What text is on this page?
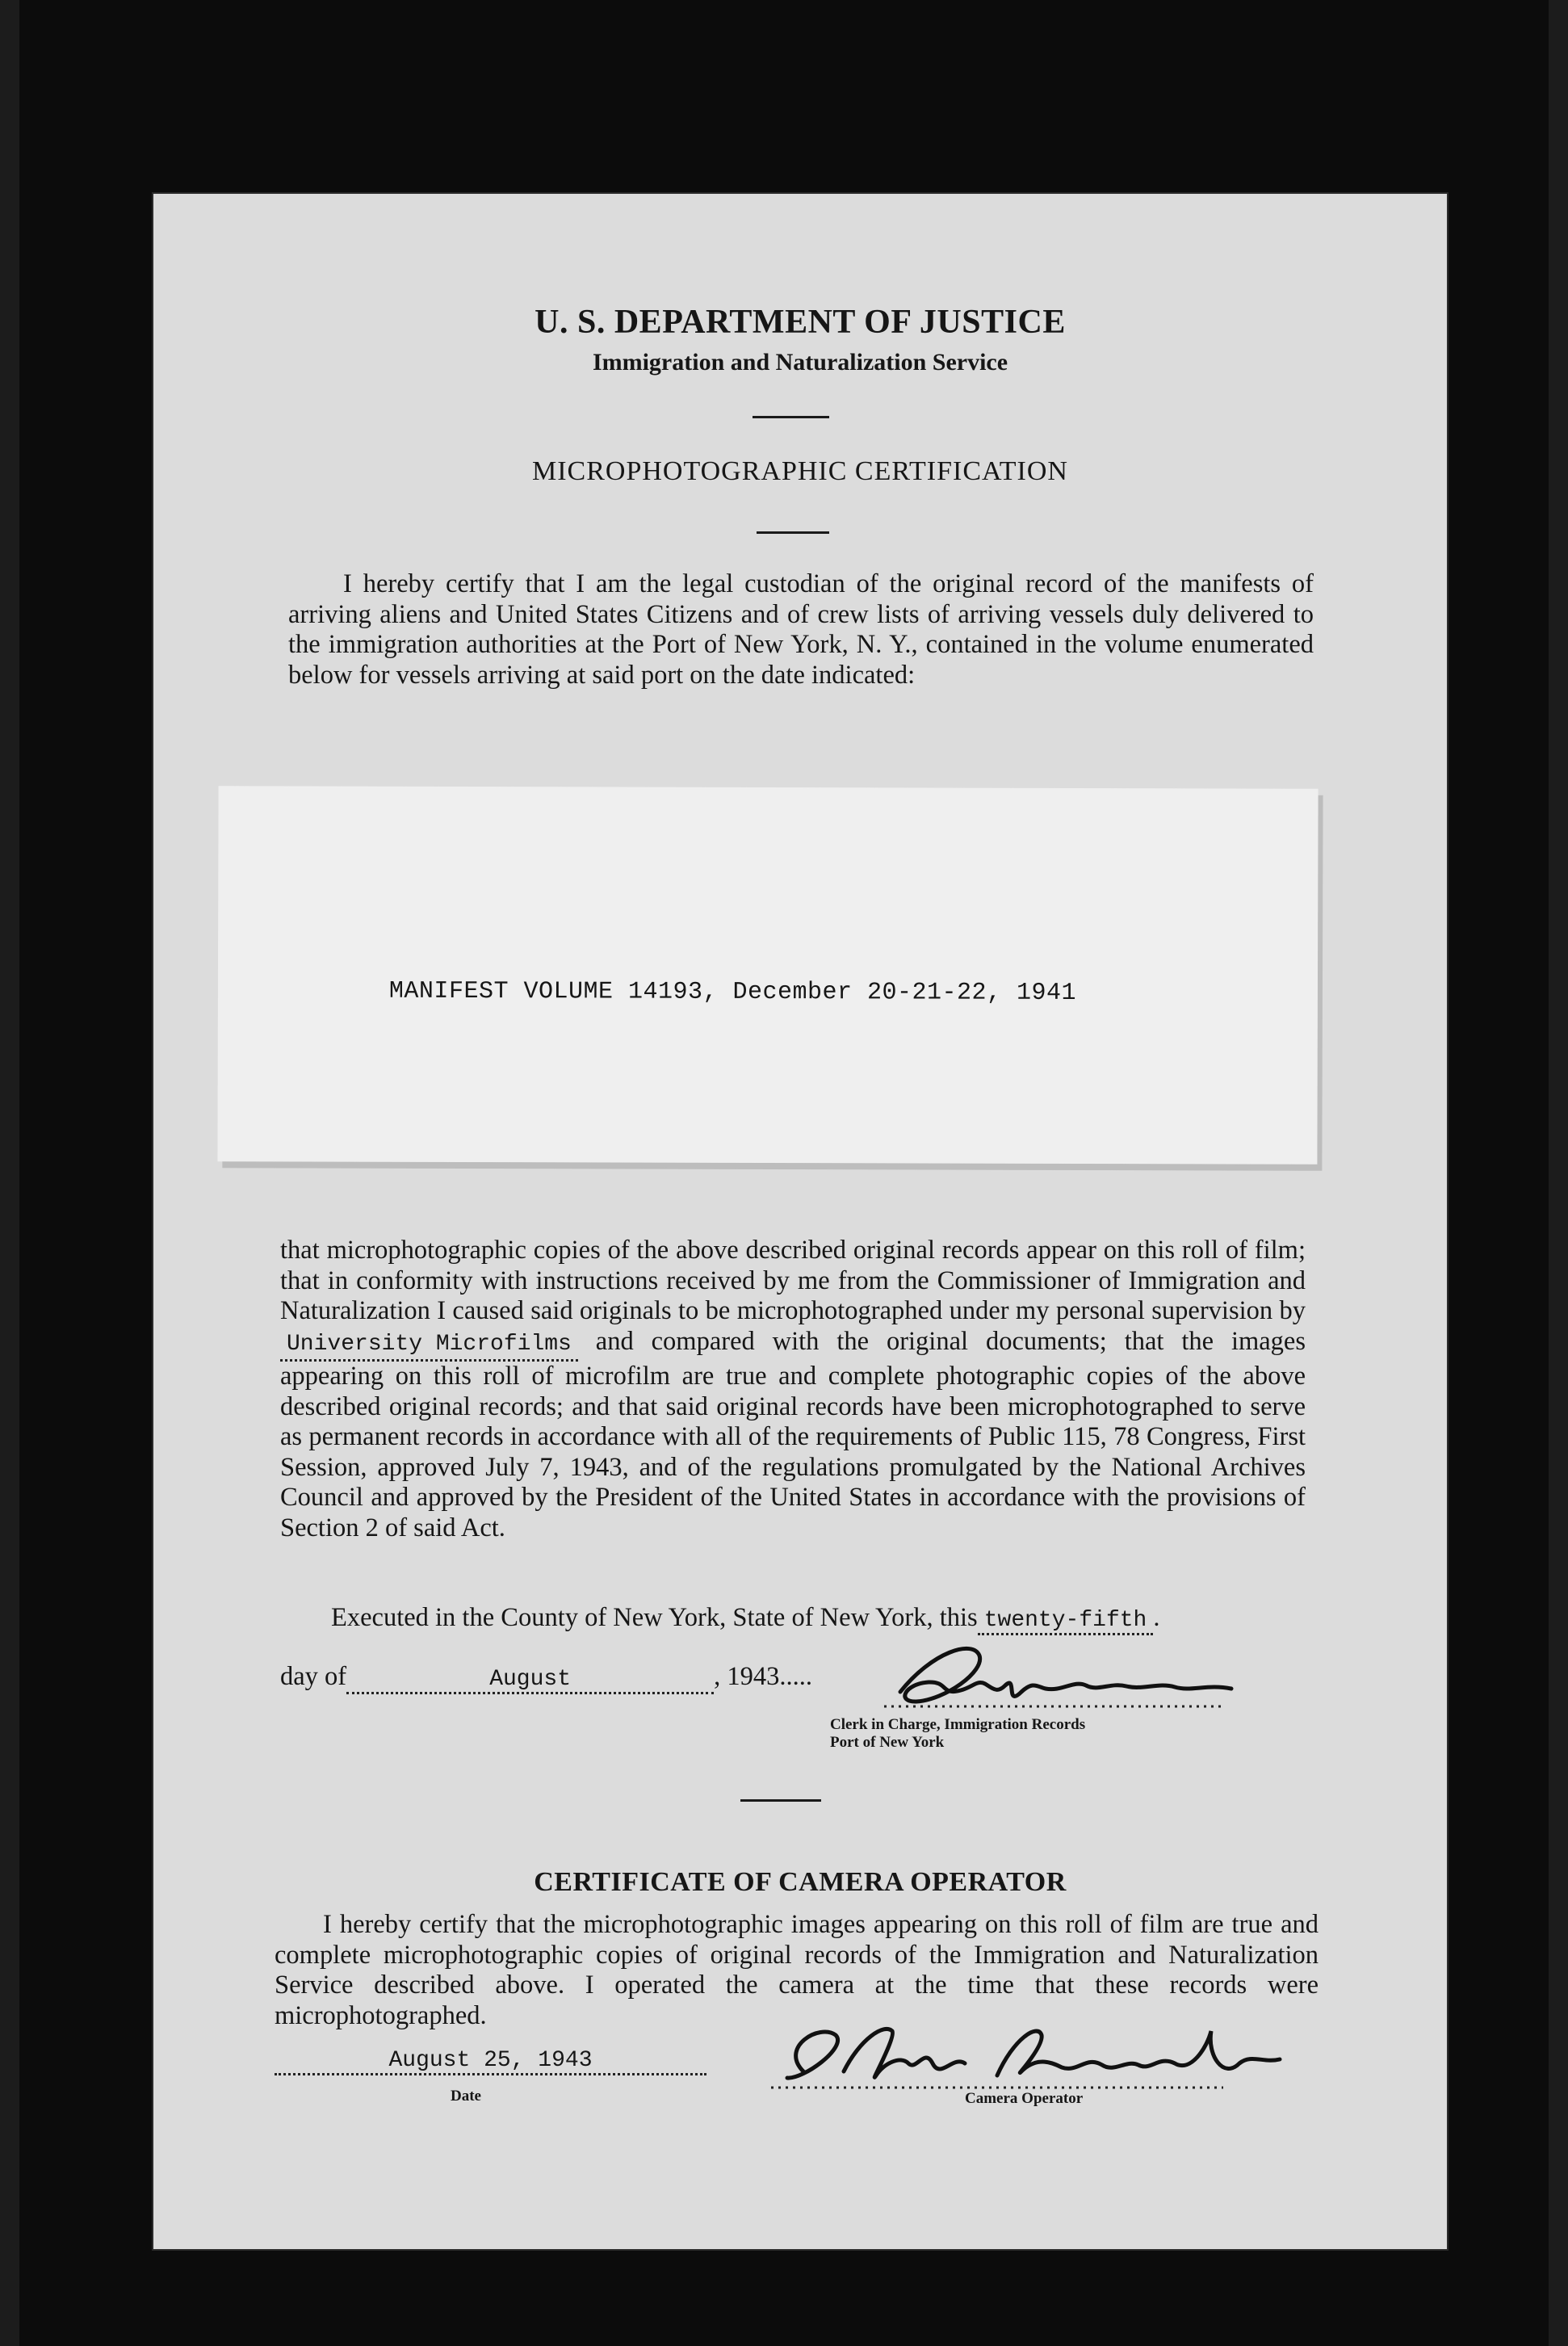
U. S. DEPARTMENT OF JUSTICE
Immigration and Naturalization Service
MICROPHOTOGRAPHIC CERTIFICATION
I hereby certify that I am the legal custodian of the original record of the manifests of arriving aliens and United States Citizens and of crew lists of arriving vessels duly delivered to the immigration authorities at the Port of New York, N. Y., contained in the volume enumerated below for vessels arriving at said port on the date indicated:
MANIFEST VOLUME 14193, December 20-21-22, 1941
that microphotographic copies of the above described original records appear on this roll of film; that in conformity with instructions received by me from the Commissioner of Immigration and Naturalization I caused said originals to be microphotographed under my personal supervision byUniversity Microfilms and compared with the original documents; that the images appearing on this roll of microfilm are true and complete photographic copies of the above described original records; and that said original records have been microphotographed to serve as permanent records in accordance with all of the requirements of Public 115, 78 Congress, First Session, approved July 7, 1943, and of the regulations promulgated by the National Archives Council and approved by the President of the United States in accordance with the provisions of Section 2 of said Act.
Executed in the County of New York, State of New York, this twenty-fifth .
day of	August	, 1943.....
Clerk in Charge, Immigration Records
Port of New York
CERTIFICATE OF CAMERA OPERATOR
I hereby certify that the microphotographic images appearing on this roll of film are true and complete microphotographic copies of original records of the Immigration and Naturalization Service described above. I operated the camera at the time that these records were microphotographed.
August 25, 1943
Date	Camera Operator
